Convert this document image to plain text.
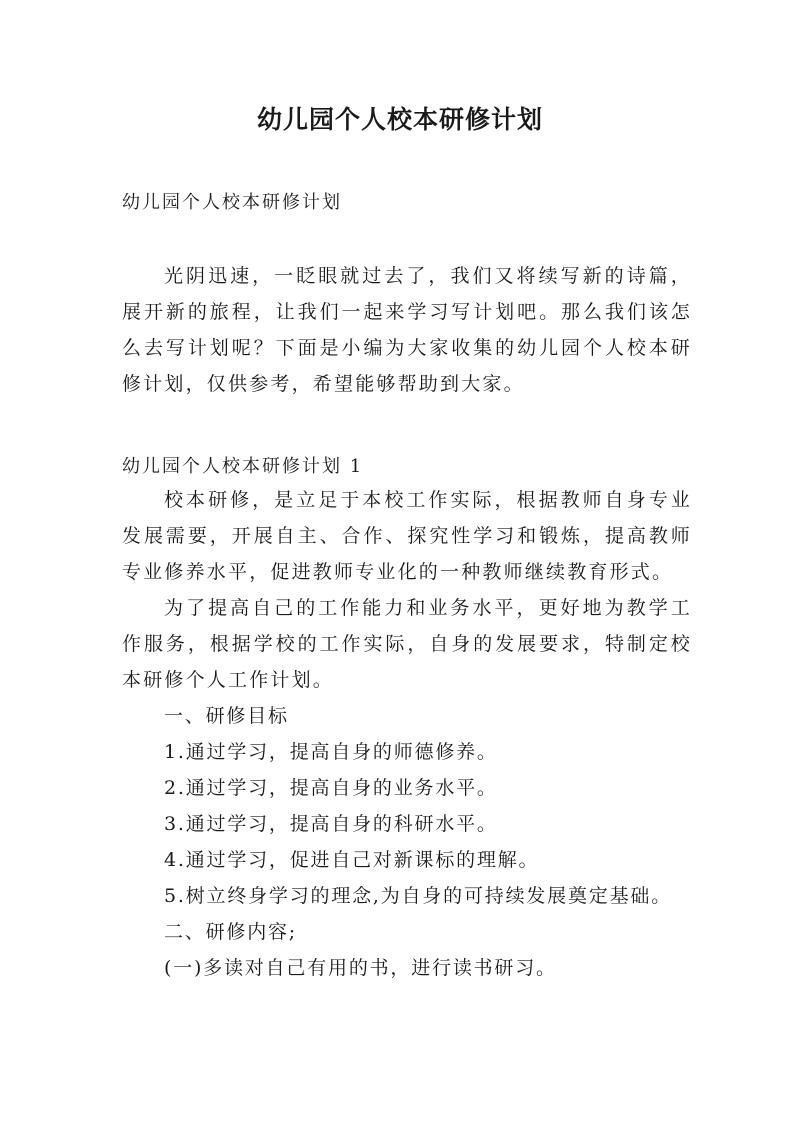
幼儿园个人校本研修计划

幼儿园个人校本研修计划

光阴迅速，一眨眼就过去了，我们又将续写新的诗篇，展开新的旅程，让我们一起来学习写计划吧。那么我们该怎么去写计划呢？下面是小编为大家收集的幼儿园个人校本研修计划，仅供参考，希望能够帮助到大家。

幼儿园个人校本研修计划 1

校本研修，是立足于本校工作实际，根据教师自身专业发展需要，开展自主、合作、探究性学习和锻炼，提高教师专业修养水平，促进教师专业化的一种教师继续教育形式。

为了提高自己的工作能力和业务水平，更好地为教学工作服务，根据学校的工作实际，自身的发展要求，特制定校本研修个人工作计划。

一、研修目标

1.通过学习，提高自身的师德修养。

2.通过学习，提高自身的业务水平。

3.通过学习，提高自身的科研水平。

4.通过学习，促进自己对新课标的理解。

5.树立终身学习的理念,为自身的可持续发展奠定基础。

二、研修内容;

(一)多读对自己有用的书，进行读书研习。
